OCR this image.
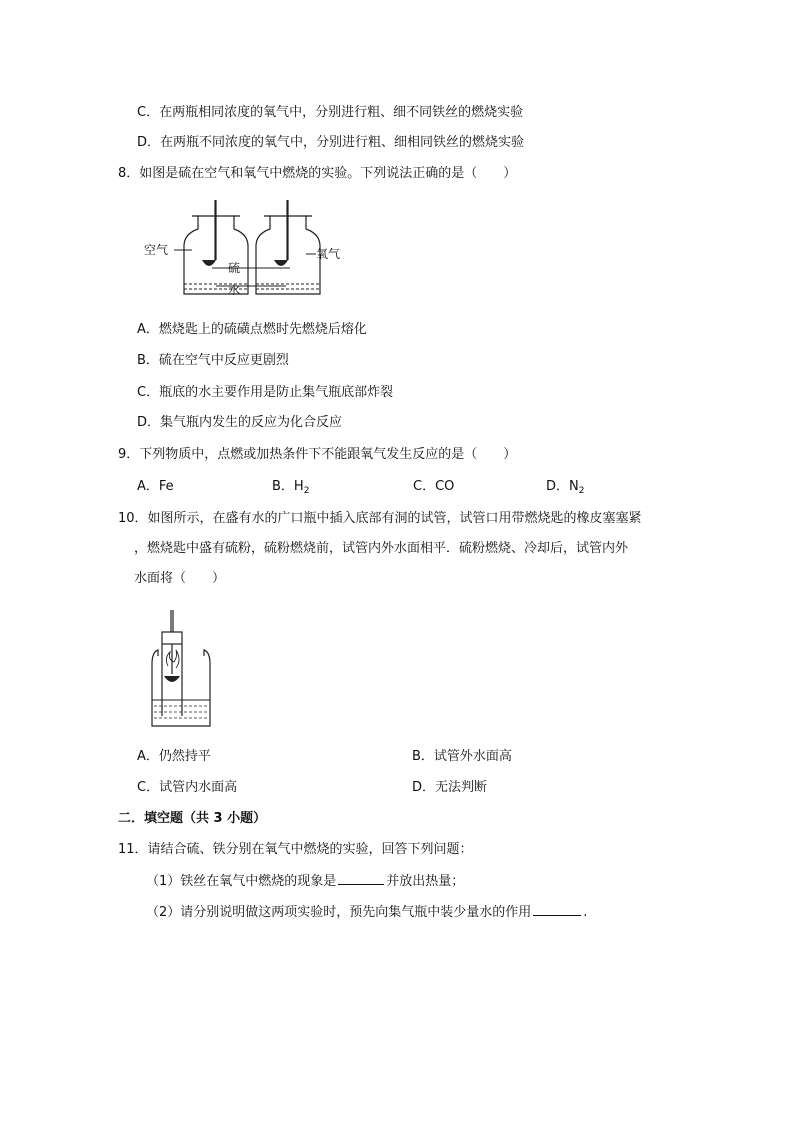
C．在两瓶相同浓度的氧气中，分别进行粗、细不同铁丝的燃烧实验
D．在两瓶不同浓度的氧气中，分别进行粗、细相同铁丝的燃烧实验
8．如图是硫在空气和氧气中燃烧的实验。下列说法正确的是（　　）
空气	氧气
硫
水
A．燃烧匙上的硫磺点燃时先燃烧后熔化
B．硫在空气中反应更剧烈
C．瓶底的水主要作用是防止集气瓶底部炸裂
D．集气瓶内发生的反应为化合反应
9．下列物质中，点燃或加热条件下不能跟氧气发生反应的是（　　）
A．Fe	B．$H_2$	C．CO	D．$N_2$
10．如图所示，在盛有水的广口瓶中插入底部有洞的试管，试管口用带燃烧匙的橡皮塞塞紧
，燃烧匙中盛有硫粉，硫粉燃烧前，试管内外水面相平．硫粉燃烧、冷却后，试管内外
水面将（　　）
A．仍然持平	B．试管外水面高
C．试管内水面高	D．无法判断
二．填空题（共 3 小题）
11．请结合硫、铁分别在氧气中燃烧的实验，回答下列问题：
（1）铁丝在氧气中燃烧的现象是	并放出热量；
（2）请分别说明做这两项实验时，预先向集气瓶中装少量水的作用	.
